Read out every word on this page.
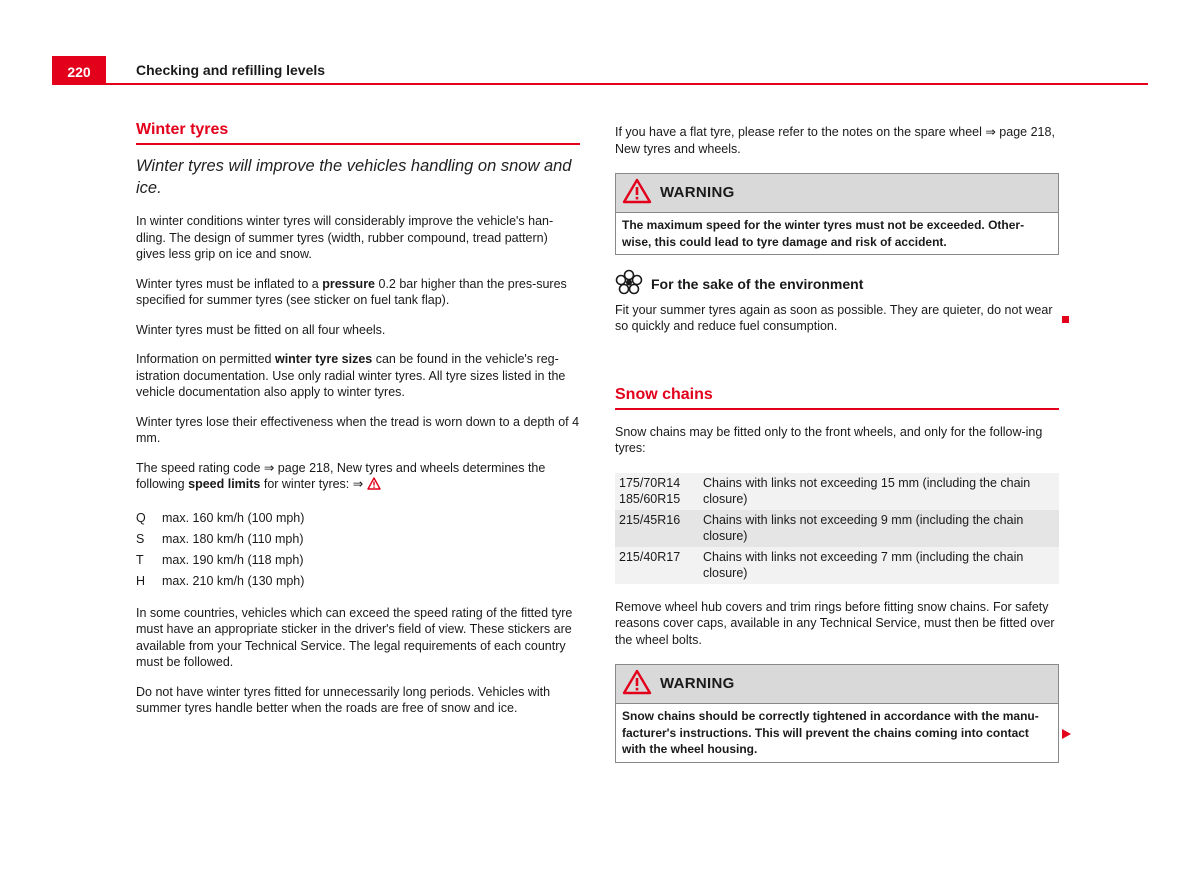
220	Checking and refilling levels
Winter tyres
Winter tyres will improve the vehicles handling on snow and ice.

In winter conditions winter tyres will considerably improve the vehicle's han-dling. The design of summer tyres (width, rubber compound, tread pattern) gives less grip on ice and snow.

Winter tyres must be inflated to a pressure 0.2 bar higher than the pres-sures specified for summer tyres (see sticker on fuel tank flap).

Winter tyres must be fitted on all four wheels.

Information on permitted winter tyre sizes can be found in the vehicle's reg-istration documentation. Use only radial winter tyres. All tyre sizes listed in the vehicle documentation also apply to winter tyres.

Winter tyres lose their effectiveness when the tread is worn down to a depth of 4 mm.

The speed rating code ⇒ page 218, New tyres and wheels determines the following speed limits for winter tyres: ⇒

Q	max. 160 km/h (100 mph)
S	max. 180 km/h (110 mph)
T	max. 190 km/h (118 mph)
H	max. 210 km/h (130 mph)

In some countries, vehicles which can exceed the speed rating of the fitted tyre must have an appropriate sticker in the driver's field of view. These stickers are available from your Technical Service. The legal requirements of each country must be followed.

Do not have winter tyres fitted for unnecessarily long periods. Vehicles with summer tyres handle better when the roads are free of snow and ice.

If you have a flat tyre, please refer to the notes on the spare wheel ⇒ page 218, New tyres and wheels.

WARNING
The maximum speed for the winter tyres must not be exceeded. Other-wise, this could lead to tyre damage and risk of accident.
For the sake of the environment

Fit your summer tyres again as soon as possible. They are quieter, do not wear so quickly and reduce fuel consumption.

Snow chains

Snow chains may be fitted only to the front wheels, and only for the follow-ing tyres:

175/70R14
185/60R15	Chains with links not exceeding 15 mm (including the chain closure)
215/45R16	Chains with links not exceeding 9 mm (including the chain closure)
215/40R17	Chains with links not exceeding 7 mm (including the chain closure)

Remove wheel hub covers and trim rings before fitting snow chains. For safety reasons cover caps, available in any Technical Service, must then be fitted over the wheel bolts.

WARNING
Snow chains should be correctly tightened in accordance with the manu-facturer's instructions. This will prevent the chains coming into contact with the wheel housing.
